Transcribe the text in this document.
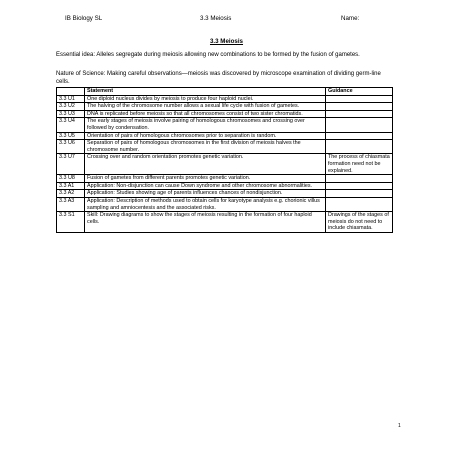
IB Biology SL	3.3 Meiosis	Name:
3.3 Meiosis
Essential idea: Alleles segregate during meiosis allowing new combinations to be formed by the fusion of gametes.
Nature of Science: Making careful observations—meiosis was discovered by microscope examination of dividing germ-line cells.
	Statement	Guidance
3.3 U1	One diploid nucleus divides by meiosis to produce four haploid nuclei.	
3.3 U2	The halving of the chromosome number allows a sexual life cycle with fusion of gametes.	
3.3 U3	DNA is replicated before meiosis so that all chromosomes consist of two sister chromatids.	
3.3 U4	The early stages of meiosis involve pairing of homologous chromosomes and crossing over followed by condensation.	
3.3 U5	Orientation of pairs of homologous chromosomes prior to separation is random.	
3.3 U6	Separation of pairs of homologous chromosomes in the first division of meiosis halves the chromosome number.	
3.3 U7	Crossing over and random orientation promotes genetic variation.	The process of chiasmata formation need not be explained.
3.3 U8	Fusion of gametes from different parents promotes genetic variation.	
3.3 A1	Application: Non-disjunction can cause Down syndrome and other chromosome abnormalities.	
3.3 A2	Application: Studies showing age of parents influences chances of nondisjunction.	
3.3 A3	Application: Description of methods used to obtain cells for karyotype analysis e.g. chorionic villus sampling and amniocentesis and the associated risks.	
3.3 S1	Skill: Drawing diagrams to show the stages of meiosis resulting in the formation of four haploid cells.	Drawings of the stages of meiosis do not need to include chiasmata.
1
